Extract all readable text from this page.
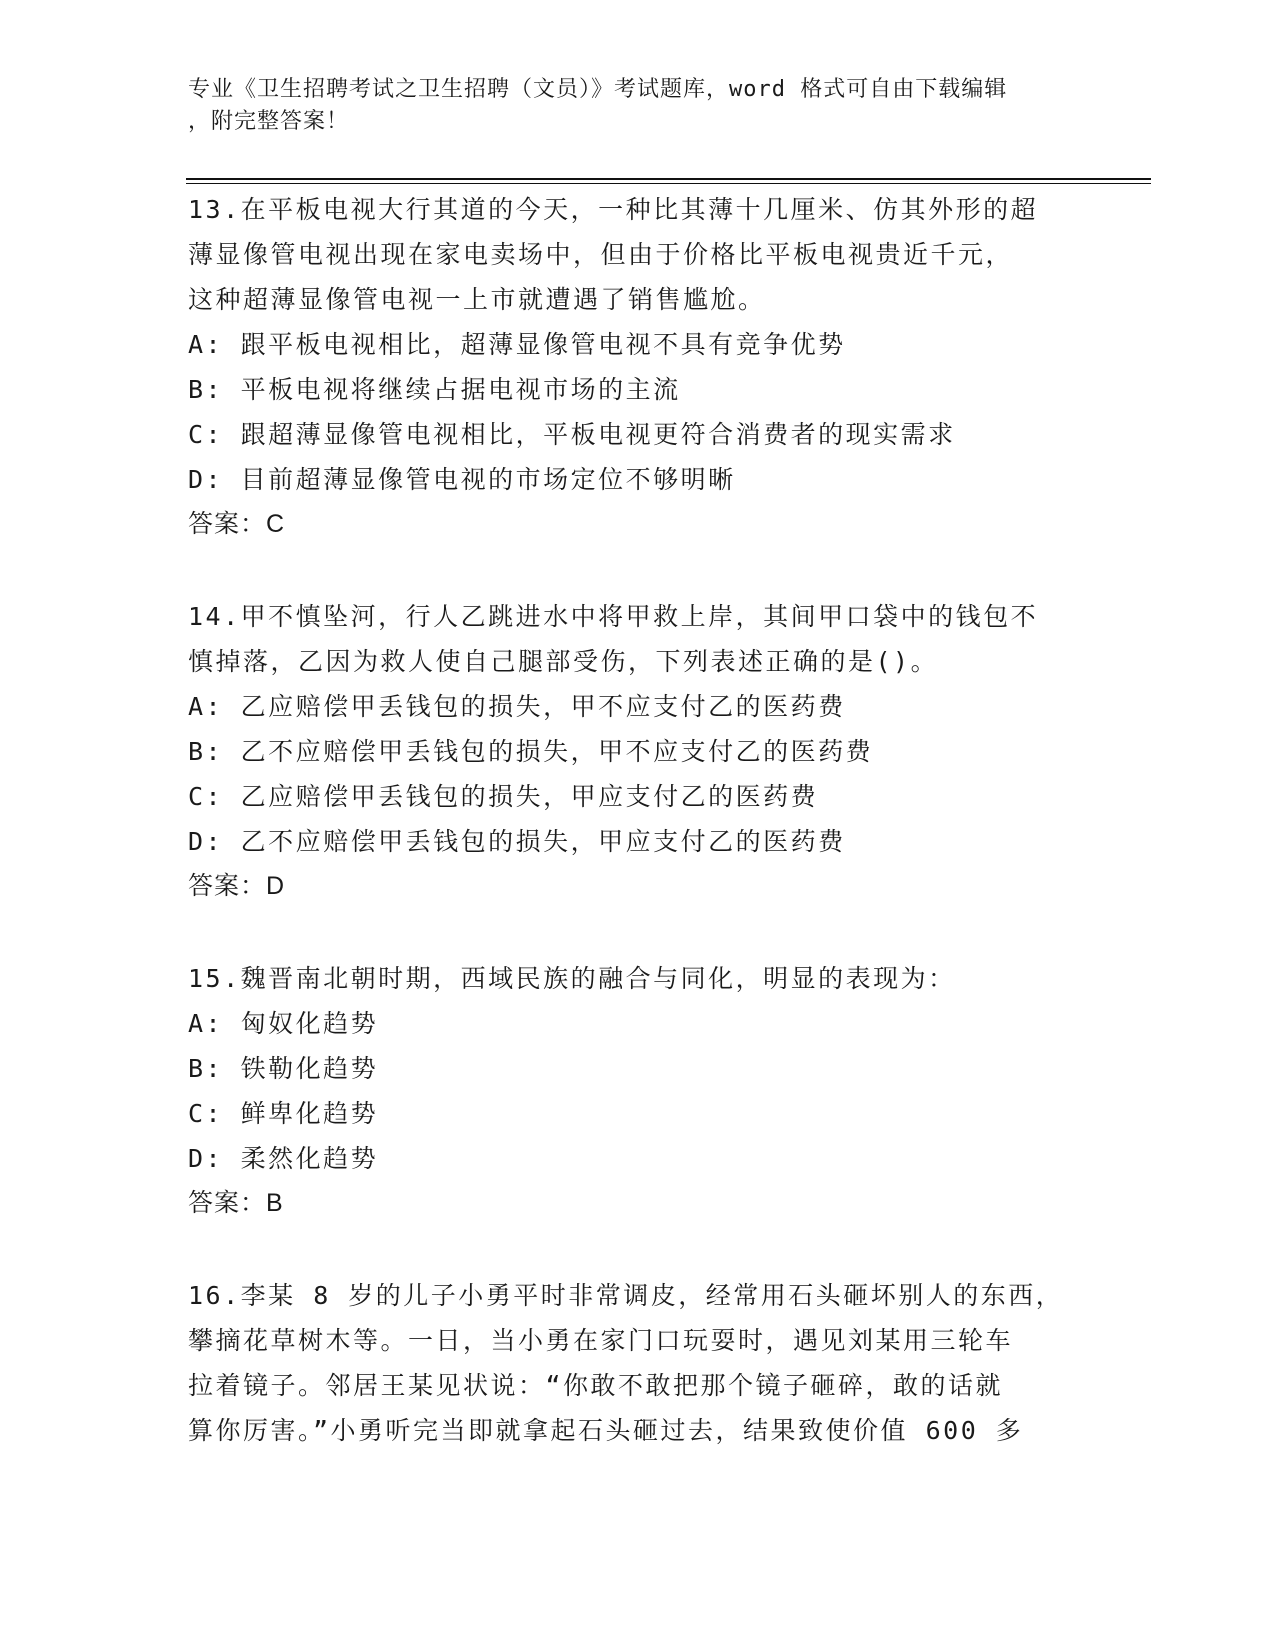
专业《卫生招聘考试之卫生招聘（文员）》考试题库，word 格式可自由下载编辑
，附完整答案！

13.在平板电视大行其道的今天，一种比其薄十几厘米、仿其外形的超

薄显像管电视出现在家电卖场中，但由于价格比平板电视贵近千元，

这种超薄显像管电视一上市就遭遇了销售尴尬。

A: 跟平板电视相比，超薄显像管电视不具有竞争优势

B: 平板电视将继续占据电视市场的主流

C: 跟超薄显像管电视相比，平板电视更符合消费者的现实需求

D: 目前超薄显像管电视的市场定位不够明晰

答案：C

14.甲不慎坠河，行人乙跳进水中将甲救上岸，其间甲口袋中的钱包不

慎掉落，乙因为救人使自己腿部受伤，下列表述正确的是()。

A: 乙应赔偿甲丢钱包的损失，甲不应支付乙的医药费

B: 乙不应赔偿甲丢钱包的损失，甲不应支付乙的医药费

C: 乙应赔偿甲丢钱包的损失，甲应支付乙的医药费

D: 乙不应赔偿甲丢钱包的损失，甲应支付乙的医药费

答案：D

15.魏晋南北朝时期，西域民族的融合与同化，明显的表现为：

A: 匈奴化趋势

B: 铁勒化趋势

C: 鲜卑化趋势

D: 柔然化趋势

答案：B

16.李某 8 岁的儿子小勇平时非常调皮，经常用石头砸坏别人的东西，

攀摘花草树木等。一日，当小勇在家门口玩耍时，遇见刘某用三轮车

拉着镜子。邻居王某见状说：“你敢不敢把那个镜子砸碎，敢的话就

算你厉害。”小勇听完当即就拿起石头砸过去，结果致使价值 600 多
